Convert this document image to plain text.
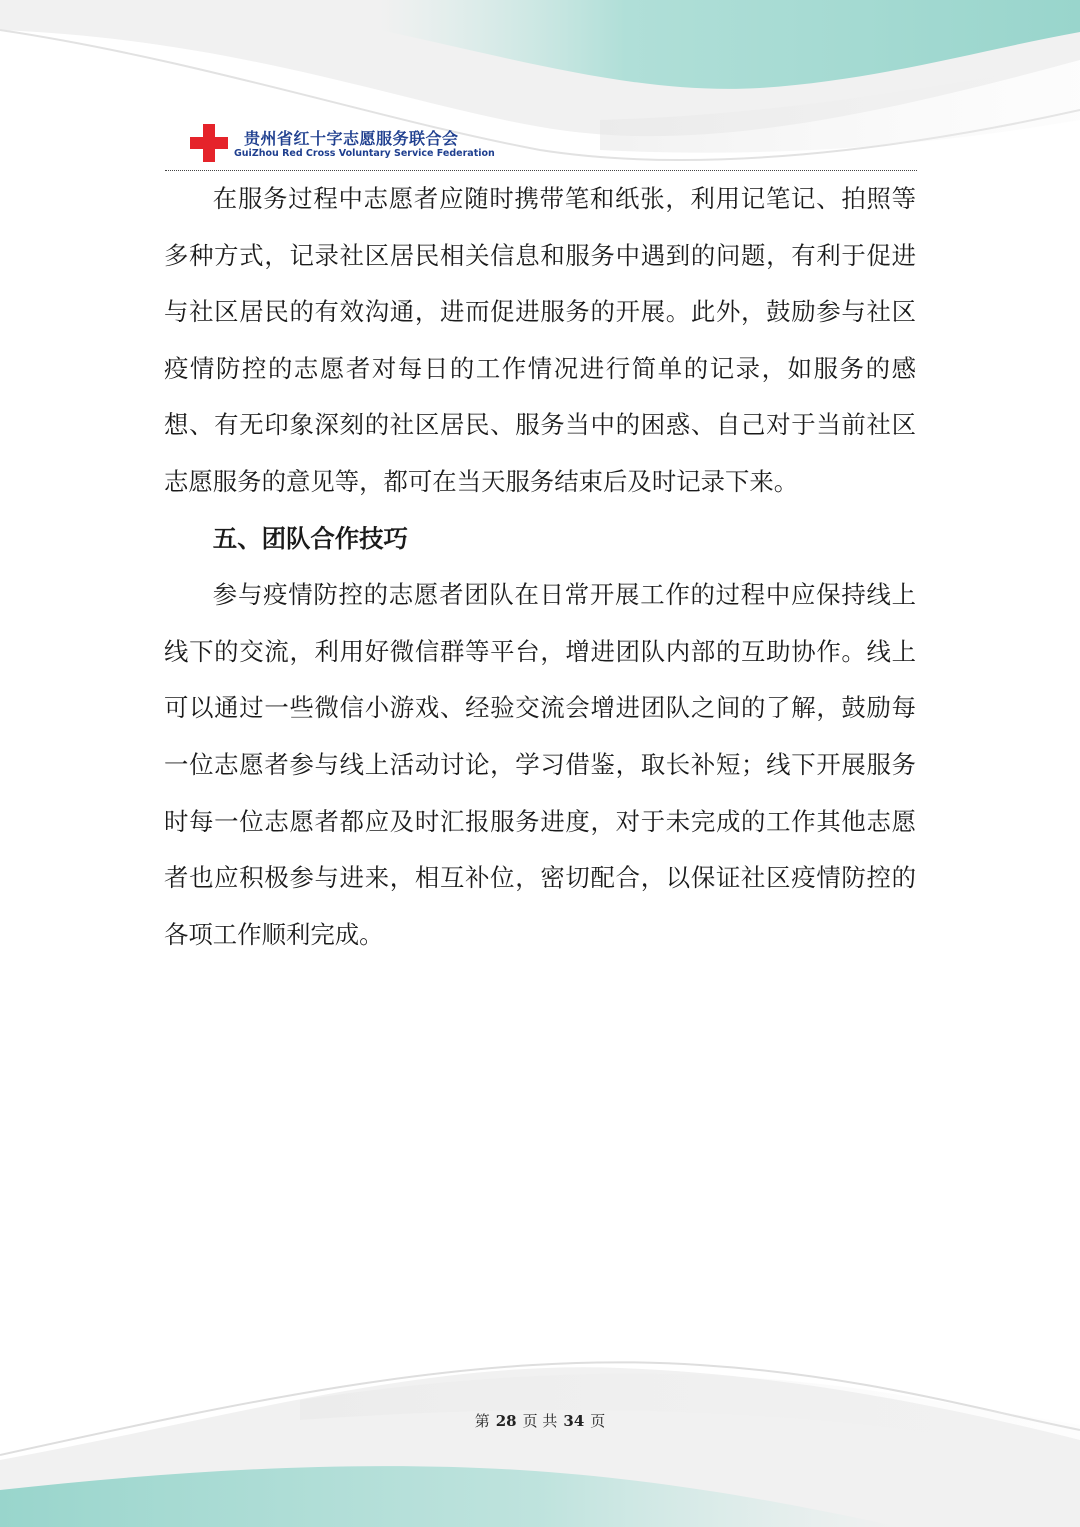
贵州省红十字志愿服务联合会
GuiZhou Red Cross Voluntary Service Federation

在服务过程中志愿者应随时携带笔和纸张，利用记笔记、拍照等多种方式，记录社区居民相关信息和服务中遇到的问题，有利于促进与社区居民的有效沟通，进而促进服务的开展。此外，鼓励参与社区疫情防控的志愿者对每日的工作情况进行简单的记录，如服务的感想、有无印象深刻的社区居民、服务当中的困惑、自己对于当前社区志愿服务的意见等，都可在当天服务结束后及时记录下来。

五、团队合作技巧

参与疫情防控的志愿者团队在日常开展工作的过程中应保持线上线下的交流，利用好微信群等平台，增进团队内部的互助协作。线上可以通过一些微信小游戏、经验交流会增进团队之间的了解，鼓励每一位志愿者参与线上活动讨论，学习借鉴，取长补短；线下开展服务时每一位志愿者都应及时汇报服务进度，对于未完成的工作其他志愿者也应积极参与进来，相互补位，密切配合，以保证社区疫情防控的各项工作顺利完成。

第 28 页 共 34 页
